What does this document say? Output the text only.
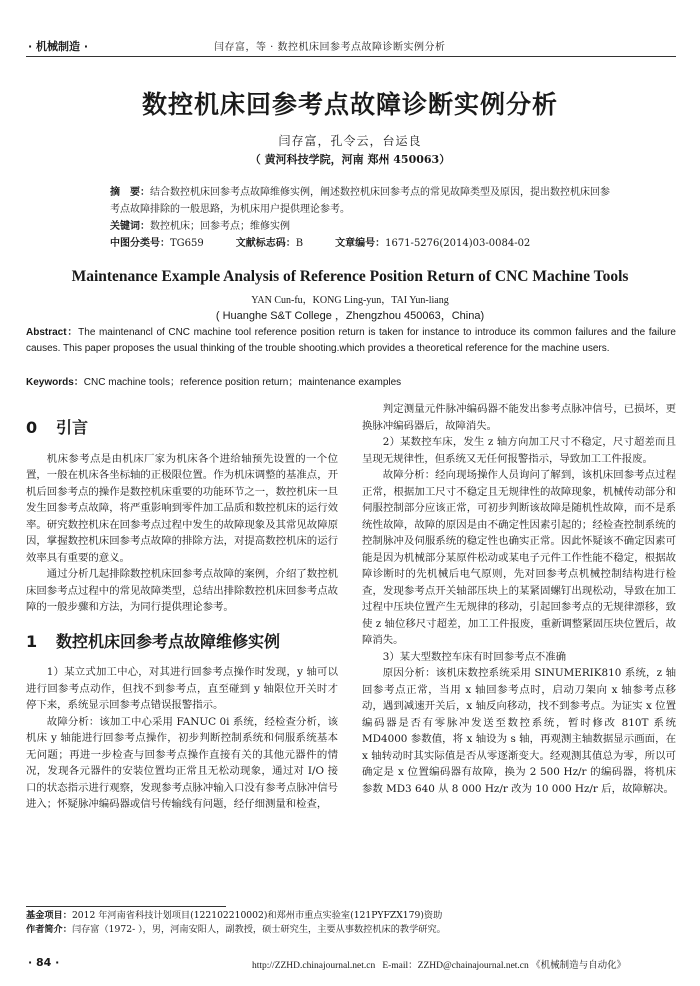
· 机械制造 ·	闫存富，等 · 数控机床回参考点故障诊断实例分析
数控机床回参考点故障诊断实例分析
闫存富，孔令云，台运良
（ 黄河科技学院，河南 郑州 450063）
摘　要：结合数控机床回参考点故障维修实例，阐述数控机床回参考点的常见故障类型及原因，提出数控机床回参考点故障排除的一般思路，为机床用户提供理论参考。
关键词：数控机床；回参考点；维修实例
中图分类号：TG659	文献标志码：B	文章编号：1671-5276(2014)03-0084-02
Maintenance Example Analysis of Reference Position Return of CNC Machine Tools
YAN Cun-fu，KONG Ling-yun，TAI Yun-liang
( Huanghe S&T College ，Zhengzhou 450063，China)
Abstract：The maintenancl of CNC machine tool reference position return is taken for instance to introduce its common failures and the failure causes. This paper proposes the usual thinking of the trouble shooting.which provides a theoretical reference for the machine users.
Keywords：CNC machine tools；reference position return；maintenance examples
0 引言

机床参考点是由机床厂家为机床各个进给轴预先设置的一个位置，一般在机床各坐标轴的正极限位置。作为机床调整的基准点，开机后回参考点的操作是数控机床重要的功能环节之一，数控机床一旦发生回参考点故障，将严重影响到零件加工品质和数控机床的运行效率。研究数控机床在回参考点过程中发生的故障现象及其常见故障原因，掌握数控机床回参考点故障的排除方法，对提高数控机床的运行效率具有重要的意义。

通过分析几起排除数控机床回参考点故障的案例，介绍了数控机床回参考点过程中的常见故障类型，总结出排除数控机床回参考点故障的一般步骤和方法，为同行提供理论参考。

1 数控机床回参考点故障维修实例

1）某立式加工中心，对其进行回参考点操作时发现，y 轴可以进行回参考点动作，但找不到参考点，直至碰到 y 轴限位开关时才停下来，系统显示回参考点错误报警指示。

故障分析：该加工中心采用 FANUC 0i 系统，经检查分析，该机床 y 轴能进行回参考点操作，初步判断控制系统和伺服系统基本无问题；再进一步检查与回参考点操作直接有关的其他元器件的情况，发现各元器件的安装位置均正常且无松动现象，通过对 I/O 接口的状态指示进行观察，发现参考点脉冲输入口没有参考点脉冲信号进入；怀疑脉冲编码器或信号传输线有问题，经仔细测量和检查，

判定测量元件脉冲编码器不能发出参考点脉冲信号，已损坏，更换脉冲编码器后，故障消失。

2）某数控车床，发生 z 轴方向加工尺寸不稳定，尺寸超差而且呈现无规律性，但系统又无任何报警指示，导致加工工件报废。

故障分析：经向现场操作人员询问了解到，该机床回参考点过程正常，根据加工尺寸不稳定且无规律性的故障现象，机械传动部分和伺服控制部分应该正常，可初步判断该故障是随机性故障，而不是系统性故障，故障的原因是由不确定性因素引起的；经检查控制系统的控制脉冲及伺服系统的稳定性也确实正常。因此怀疑该不确定因素可能是因为机械部分某原件松动或某电子元件工作性能不稳定，根据故障诊断时的先机械后电气原则，先对回参考点机械控制结构进行检查，发现参考点开关轴部压块上的某紧固螺钉出现松动，导致在加工过程中压块位置产生无规律的移动，引起回参考点的无规律漂移，致使 z 轴位移尺寸超差，加工工件报废，重新调整紧固压块位置后，故障消失。

3）某大型数控车床有时回参考点不准确

原因分析：该机床数控系统采用 SINUMERIK810 系统，z 轴回参考点正常，当用 x 轴回参考点时，启动刀架向 x 轴参考点移动，遇到减速开关后，x 轴反向移动，找不到参考点。为证实 x 位置编码器是否有零脉冲发送至数控系统，暂时修改 810T 系统 MD4000 参数值，将 x 轴设为 s 轴，再观测主轴数据显示画面，在 x 轴转动时其实际值是否从零逐渐变大。经观测其值总为零，所以可确定是 x 位置编码器有故障，换为 2 500 Hz/r 的编码器，将机床参数 MD3 640 从 8 000 Hz/r 改为 10 000 Hz/r 后，故障解决。

基金项目：2012 年河南省科技计划项目(122102210002)和郑州市重点实验室(121PYFZX179)资助
作者简介：闫存富（1972- ），男，河南安阳人，副教授，硕士研究生，主要从事数控机床的教学研究。
· 84 ·	http://ZZHD.chinajournal.net.cn E-mail：ZZHD@chainajournal.net.cn 《机械制造与自动化》
